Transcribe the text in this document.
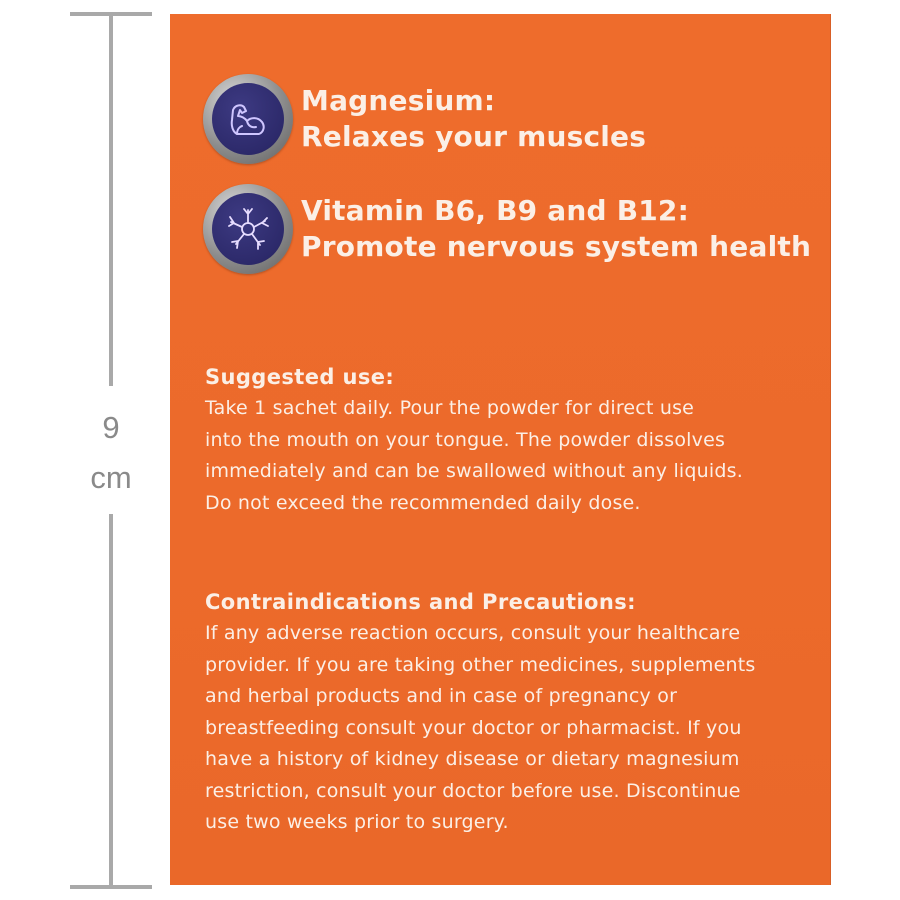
9
cm
Magnesium:
Relaxes your muscles
Vitamin B6, B9 and B12:
Promote nervous system health
Suggested use:
Take 1 sachet daily. Pour the powder for direct use
into the mouth on your tongue. The powder dissolves
immediately and can be swallowed without any liquids.
Do not exceed the recommended daily dose.
Contraindications and Precautions:
If any adverse reaction occurs, consult your healthcare
provider. If you are taking other medicines, supplements
and herbal products and in case of pregnancy or
breastfeeding consult your doctor or pharmacist. If you
have a history of kidney disease or dietary magnesium
restriction, consult your doctor before use. Discontinue
use two weeks prior to surgery.
